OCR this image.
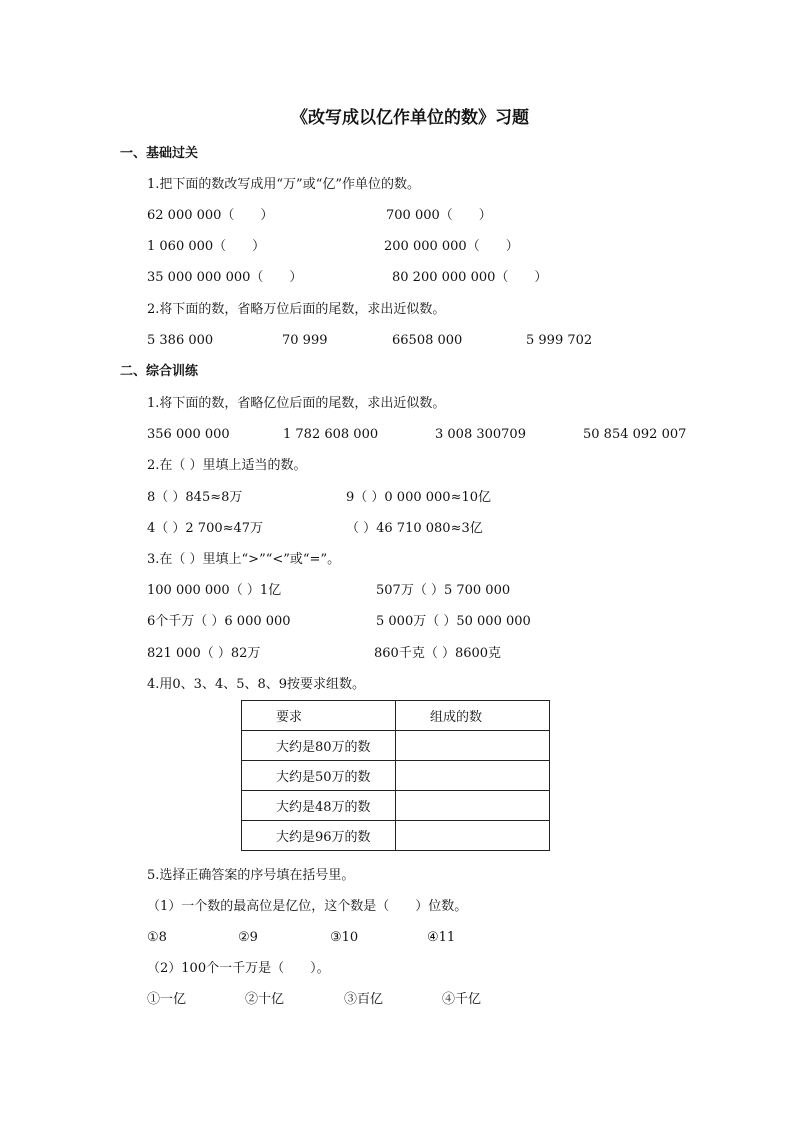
《改写成以亿作单位的数》习题
一、基础过关
1.把下面的数改写成用“万”或“亿”作单位的数。
62 000 000（　　）	700 000（　　）
1 060 000（　　）	200 000 000（　　）
35 000 000 000（　　）	80 200 000 000（　　）
2.将下面的数，省略万位后面的尾数，求出近似数。
5 386 000	70 999	66508 000	5 999 702
二、综合训练
1.将下面的数，省略亿位后面的尾数，求出近似数。
356 000 000	1 782 608 000	3 008 300709	50 854 092 007
2.在（ ）里填上适当的数。
8（ ）845≈8万	9（ ）0 000 000≈10亿
4（ ）2 700≈47万	（ ）46 710 080≈3亿
3.在（ ）里填上“>”“<”或“=”。
100 000 000（ ）1亿	507万（ ）5 700 000
6个千万（ ）6 000 000	5 000万（ ）50 000 000
821 000（ ）82万	860千克（ ）8600克
4.用0、3、4、5、8、9按要求组数。
要求	组成的数
大约是80万的数	
大约是50万的数	
大约是48万的数	
大约是96万的数	
5.选择正确答案的序号填在括号里。
（1）一个数的最高位是亿位，这个数是（　　）位数。
①8	②9	③10	④11
（2）100个一千万是（　　）。
①一亿	②十亿	③百亿	④千亿
